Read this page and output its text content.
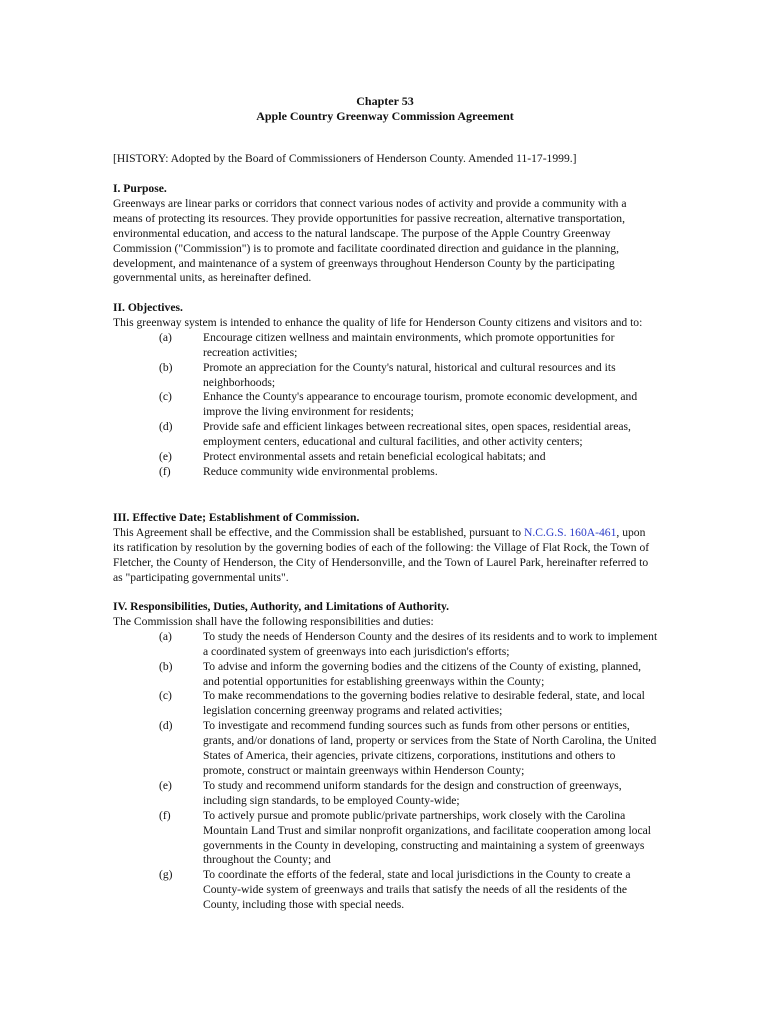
Chapter 53
Apple Country Greenway Commission Agreement
[HISTORY: Adopted by the Board of Commissioners of Henderson County. Amended 11-17-1999.]
I. Purpose.

Greenways are linear parks or corridors that connect various nodes of activity and provide a community with a means of protecting its resources. They provide opportunities for passive recreation, alternative transportation, environmental education, and access to the natural landscape. The purpose of the Apple Country Greenway Commission ("Commission") is to promote and facilitate coordinated direction and guidance in the planning, development, and maintenance of a system of greenways throughout Henderson County by the participating governmental units, as hereinafter defined.

II. Objectives.

This greenway system is intended to enhance the quality of life for Henderson County citizens and visitors and to:

(a)	Encourage citizen wellness and maintain environments, which promote opportunities for recreation activities;
(b)	Promote an appreciation for the County's natural, historical and cultural resources and its neighborhoods;
(c)	Enhance the County's appearance to encourage tourism, promote economic development, and improve the living environment for residents;
(d)	Provide safe and efficient linkages between recreational sites, open spaces, residential areas, employment centers, educational and cultural facilities, and other activity centers;
(e)	Protect environmental assets and retain beneficial ecological habitats; and
(f)	Reduce community wide environmental problems.
III. Effective Date; Establishment of Commission.

This Agreement shall be effective, and the Commission shall be established, pursuant to N.C.G.S. 160A-461, upon its ratification by resolution by the governing bodies of each of the following: the Village of Flat Rock, the Town of Fletcher, the County of Henderson, the City of Hendersonville, and the Town of Laurel Park, hereinafter referred to as "participating governmental units".

IV. Responsibilities, Duties, Authority, and Limitations of Authority.

The Commission shall have the following responsibilities and duties:

(a)	To study the needs of Henderson County and the desires of its residents and to work to implement a coordinated system of greenways into each jurisdiction's efforts;
(b)	To advise and inform the governing bodies and the citizens of the County of existing, planned, and potential opportunities for establishing greenways within the County;
(c)	To make recommendations to the governing bodies relative to desirable federal, state, and local legislation concerning greenway programs and related activities;
(d)	To investigate and recommend funding sources such as funds from other persons or entities, grants, and/or donations of land, property or services from the State of North Carolina, the United States of America, their agencies, private citizens, corporations, institutions and others to promote, construct or maintain greenways within Henderson County;
(e)	To study and recommend uniform standards for the design and construction of greenways, including sign standards, to be employed County-wide;
(f)	To actively pursue and promote public/private partnerships, work closely with the Carolina Mountain Land Trust and similar nonprofit organizations, and facilitate cooperation among local governments in the County in developing, constructing and maintaining a system of greenways throughout the County; and
(g)	To coordinate the efforts of the federal, state and local jurisdictions in the County to create a County-wide system of greenways and trails that satisfy the needs of all the residents of the County, including those with special needs.
